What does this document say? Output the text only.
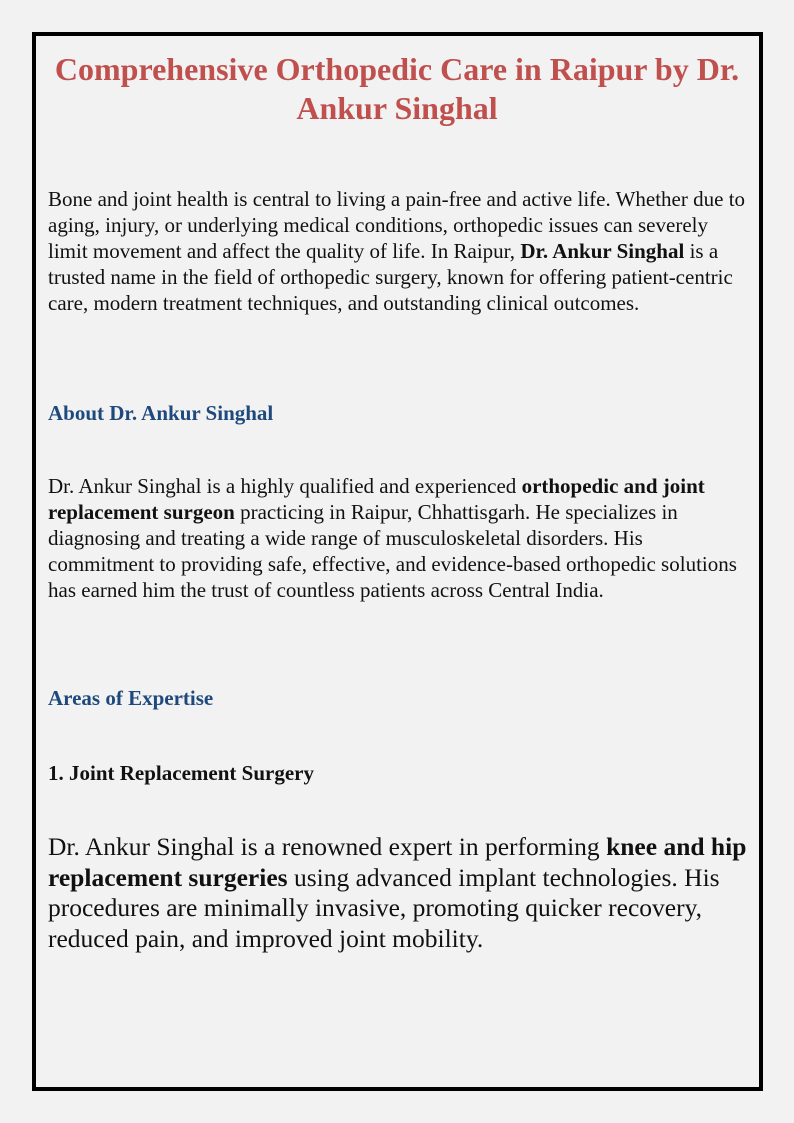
Comprehensive Orthopedic Care in Raipur by Dr. Ankur Singhal

Bone and joint health is central to living a pain-free and active life. Whether due to aging, injury, or underlying medical conditions, orthopedic issues can severely limit movement and affect the quality of life. In Raipur, Dr. Ankur Singhal is a trusted name in the field of orthopedic surgery, known for offering patient-centric care, modern treatment techniques, and outstanding clinical outcomes.

About Dr. Ankur Singhal

Dr. Ankur Singhal is a highly qualified and experienced orthopedic and joint replacement surgeon practicing in Raipur, Chhattisgarh. He specializes in diagnosing and treating a wide range of musculoskeletal disorders. His commitment to providing safe, effective, and evidence-based orthopedic solutions has earned him the trust of countless patients across Central India.

Areas of Expertise
1. Joint Replacement Surgery

Dr. Ankur Singhal is a renowned expert in performing knee and hip replacement surgeries using advanced implant technologies. His procedures are minimally invasive, promoting quicker recovery, reduced pain, and improved joint mobility.
